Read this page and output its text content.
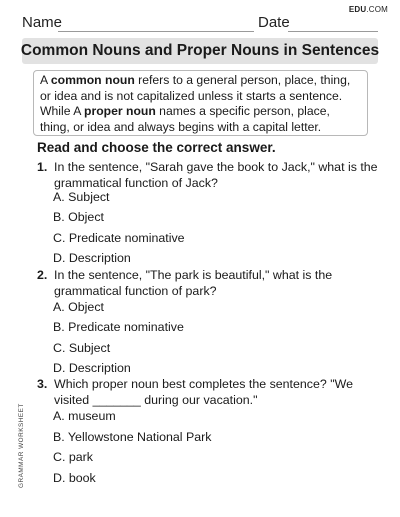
EDU.COM
Name	Date
Common Nouns and Proper Nouns in Sentences
A common noun refers to a general person, place, thing, or idea and is not capitalized unless it starts a sentence. While A proper noun names a specific person, place, thing, or idea and always begins with a capital letter.
Read and choose the correct answer.
1. In the sentence, "Sarah gave the book to Jack," what is the
grammatical function of Jack?
A. Subject
B. Object
C. Predicate nominative
D. Description
2. In the sentence, "The park is beautiful," what is the
grammatical function of park?
A. Object
B. Predicate nominative
C. Subject
D. Description
3. Which proper noun best completes the sentence? "We
visited _______ during our vacation."
A. museum
B. Yellowstone National Park
C. park
D. book
GRAMMAR WORKSHEET
